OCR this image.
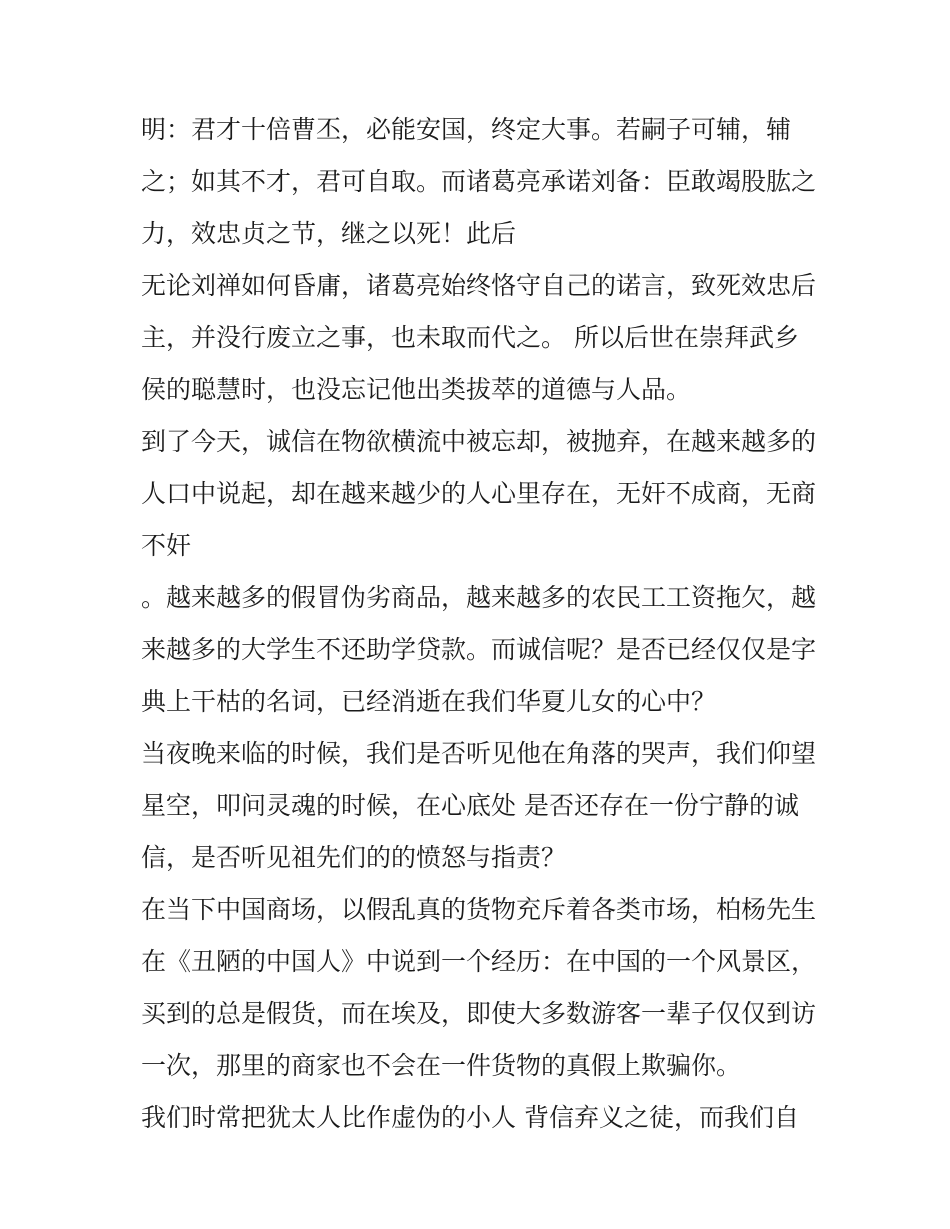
明：君才十倍曹丕，必能安国，终定大事。若嗣子可辅，辅
之；如其不才，君可自取。而诸葛亮承诺刘备：臣敢竭股肱之
力，效忠贞之节，继之以死！此后
无论刘禅如何昏庸，诸葛亮始终恪守自己的诺言，致死效忠后
主，并没行废立之事，也未取而代之。 所以后世在崇拜武乡
侯的聪慧时，也没忘记他出类拔萃的道德与人品。
到了今天，诚信在物欲横流中被忘却，被抛弃，在越来越多的
人口中说起，却在越来越少的人心里存在，无奸不成商，无商
不奸
。越来越多的假冒伪劣商品，越来越多的农民工工资拖欠，越
来越多的大学生不还助学贷款。而诚信呢？是否已经仅仅是字
典上干枯的名词，已经消逝在我们华夏儿女的心中？
当夜晚来临的时候，我们是否听见他在角落的哭声，我们仰望
星空，叩问灵魂的时候，在心底处 是否还存在一份宁静的诚
信，是否听见祖先们的的愤怒与指责？
在当下中国商场，以假乱真的货物充斥着各类市场，柏杨先生
在《丑陋的中国人》中说到一个经历：在中国的一个风景区，
买到的总是假货，而在埃及，即使大多数游客一辈子仅仅到访
一次，那里的商家也不会在一件货物的真假上欺骗你。
我们时常把犹太人比作虚伪的小人 背信弃义之徒，而我们自
